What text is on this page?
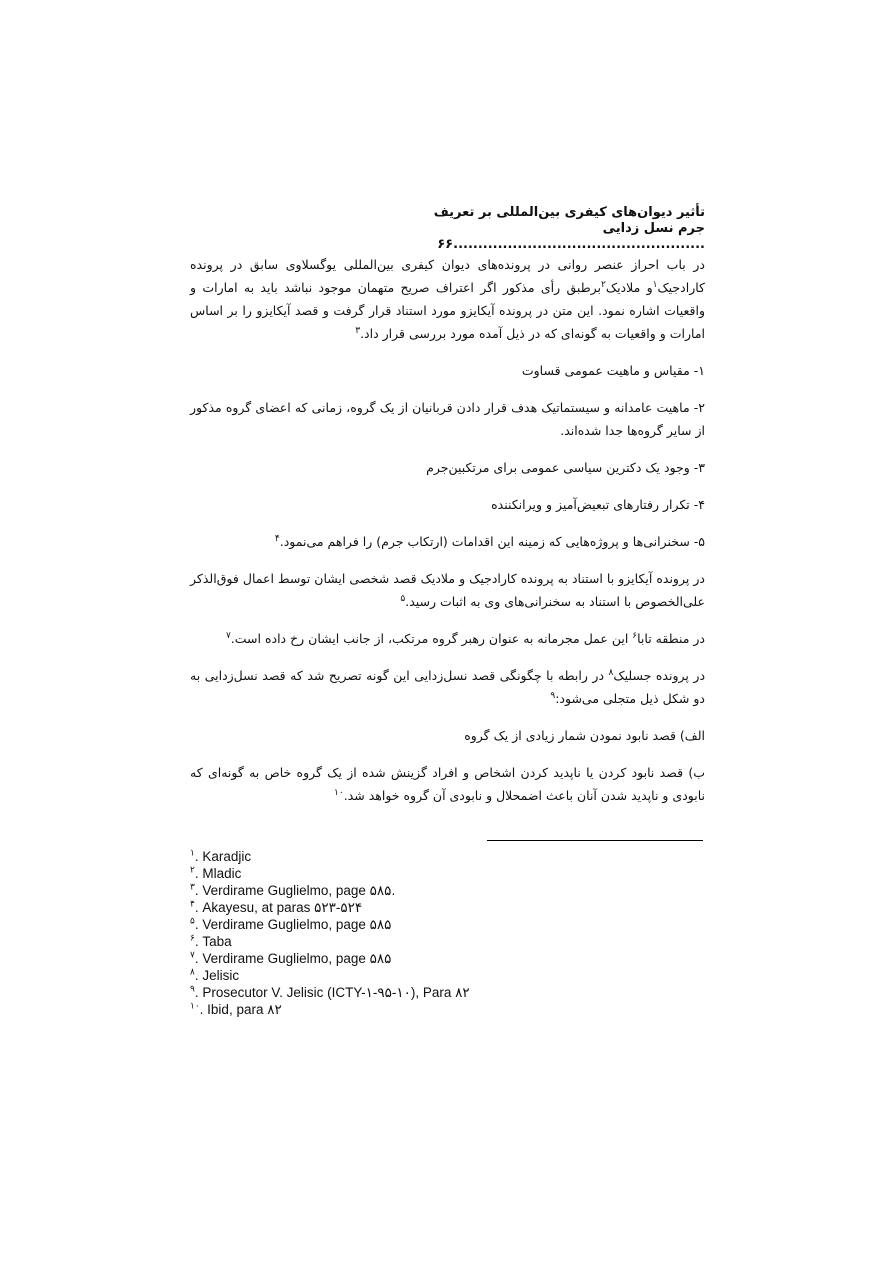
تأثیر دیوان‌های کیفری بین‌المللی بر تعریف جرم نسل زدایی
...................................................۶۶
در باب احراز عنصر روانی در پرونده‌های دیوان کیفری بین‌المللی یوگسلاوی سابق در پرونده کارادجیک$^۱$و ملادیک$^۲$برطبق رأی مذکور اگر اعتراف صریح متهمان موجود نباشد باید به امارات و واقعیات اشاره نمود. این متن در پرونده آیکایزو مورد استناد قرار گرفت و قصد آیکایزو را بر اساس امارات و واقعیات به گونه‌ای که در ذیل آمده مورد بررسی قرار داد.$^۳$
۱- مقیاس و ماهیت عمومی قساوت
۲- ماهیت عامدانه و سیستماتیک هدف قرار دادن قربانیان از یک گروه، زمانی که اعضای گروه مذکور از سایر گروه‌ها جدا شده‌اند.
۳- وجود یک دکترین سیاسی عمومی برای مرتکبین‌جرم
۴- تکرار رفتارهای تبعیض‌آمیز و ویرانکننده
۵- سخنرانی‌ها و پروژه‌هایی که زمینه این اقدامات (ارتکاب جرم) را فراهم می‌نمود.$^۴$
در پرونده آیکایزو با استناد به پرونده کارادجیک و ملادیک قصد شخصی ایشان توسط اعمال فوق‌الذکر علی‌الخصوص با استناد به سخنرانی‌های وی به اثبات رسید.$^۵$
در منطقه تابا$^۶$ این عمل مجرمانه به عنوان رهبر گروه مرتکب، از جانب ایشان رخ داده است.$^۷$
در پرونده جسلیک$^۸$ در رابطه با چگونگی قصد نسل‌زدایی این گونه تصریح شد که قصد نسل‌زدایی به دو شکل ذیل متجلی می‌شود:$^۹$
الف) قصد نابود نمودن شمار زیادی از یک گروه
ب) قصد نابود کردن یا ناپدید کردن اشخاص و افراد گزینش شده از یک گروه خاص به گونه‌ای که نابودی و ناپدید شدن آنان باعث اضمحلال و نابودی آن گروه خواهد شد.$^{۱۰}$
$^۱$. Karadjic
$^۲$. Mladic
$^۳$. Verdirame Guglielmo, page ۵۸۵.
$^۴$. Akayesu, at paras ۵۲۳-۵۲۴
$^۵$. Verdirame Guglielmo, page ۵۸۵
$^۶$. Taba
$^۷$. Verdirame Guglielmo, page ۵۸۵
$^۸$. Jelisic
$^۹$. Prosecutor V. Jelisic (ICTY-۱-۹۵-۱۰), Para ۸۲
$^{۱۰}$. Ibid, para ۸۲
